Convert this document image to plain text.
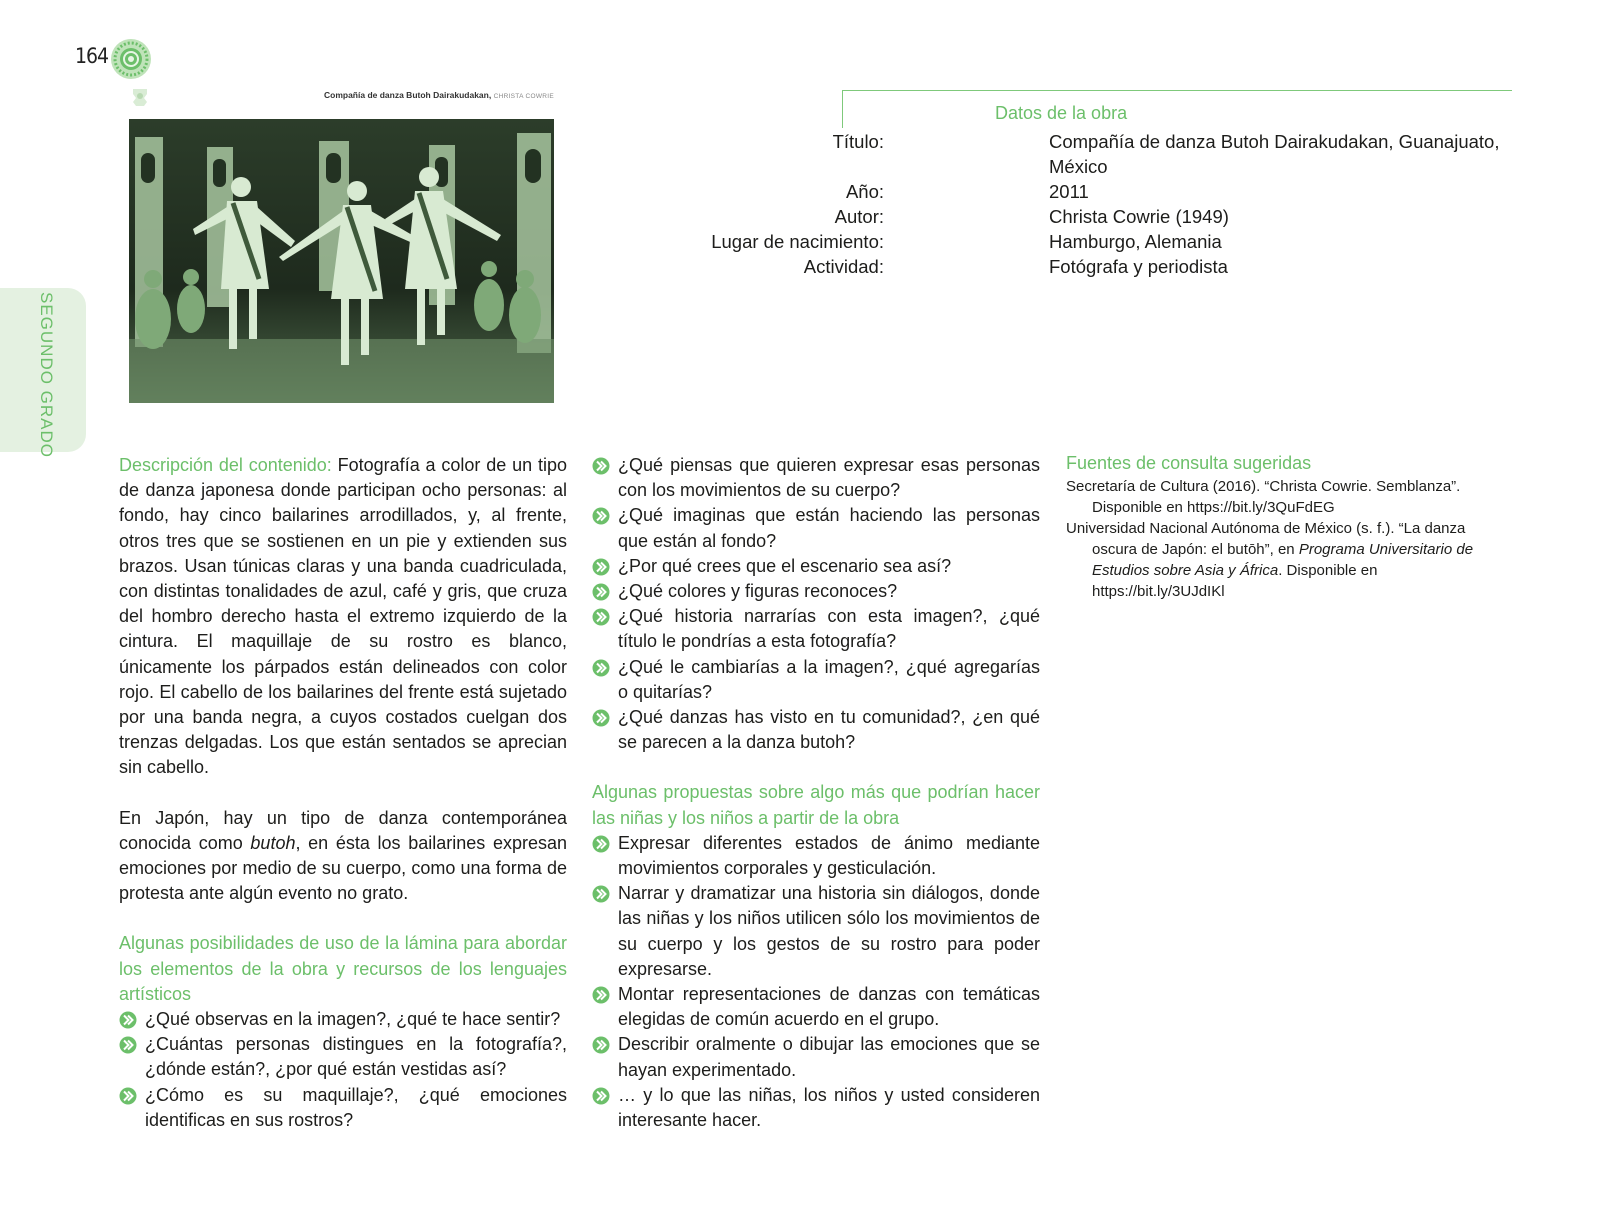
164
SEGUNDO GRADO
Compañía de danza Butoh Dairakudakan, CHRISTA COWRIE
Datos de la obra
Título:	Compañía de danza Butoh Dairakudakan, Guanajuato,
México
Año:	2011
Autor:	Christa Cowrie (1949)
Lugar de nacimiento:	Hamburgo, Alemania
Actividad:	Fotógrafa y periodista

Descripción del contenido: Fotografía a color de un tipo de danza japonesa donde participan ocho personas: al fondo, hay cinco bailarines arrodillados, y, al frente, otros tres que se sostienen en un pie y extienden sus brazos. Usan túnicas claras y una banda cuadriculada, con distintas tonalidades de azul, café y gris, que cruza del hombro derecho hasta el extremo izquierdo de la cintura. El maquillaje de su rostro es blanco, únicamente los párpados están delineados con color rojo. El cabello de los bailarines del frente está sujetado por una banda negra, a cuyos costados cuelgan dos trenzas delgadas. Los que están sentados se aprecian sin cabello.

En Japón, hay un tipo de danza contemporánea conocida como butoh, en ésta los bailarines expresan emociones por medio de su cuerpo, como una forma de protesta ante algún evento no grato.

Algunas posibilidades de uso de la lámina para abordar los elementos de la obra y recursos de los lenguajes artísticos

¿Qué observas en la imagen?, ¿qué te hace sentir?
¿Cuántas personas distingues en la fotografía?, ¿dónde están?, ¿por qué están vestidas así?
¿Cómo es su maquillaje?, ¿qué emociones identificas en sus rostros?
¿Qué piensas que quieren expresar esas personas con los movimientos de su cuerpo?
¿Qué imaginas que están haciendo las personas que están al fondo?
¿Por qué crees que el escenario sea así?
¿Qué colores y figuras reconoces?
¿Qué historia narrarías con esta imagen?, ¿qué título le pondrías a esta fotografía?
¿Qué le cambiarías a la imagen?, ¿qué agregarías o quitarías?
¿Qué danzas has visto en tu comunidad?, ¿en qué se parecen a la danza butoh?

Algunas propuestas sobre algo más que podrían hacer las niñas y los niños a partir de la obra

Expresar diferentes estados de ánimo mediante movimientos corporales y gesticulación.
Narrar y dramatizar una historia sin diálogos, donde las niñas y los niños utilicen sólo los movimientos de su cuerpo y los gestos de su rostro para poder expresarse.
Montar representaciones de danzas con temáticas elegidas de común acuerdo en el grupo.
Describir oralmente o dibujar las emociones que se hayan experimentado.
… y lo que las niñas, los niños y usted consideren interesante hacer.

Fuentes de consulta sugeridas

Secretaría de Cultura (2016). “Christa Cowrie. Semblanza”. Disponible en https://bit.ly/3QuFdEG

Universidad Nacional Autónoma de México (s. f.). “La danza oscura de Japón: el butōh”, en Programa Universitario de Estudios sobre Asia y África. Disponible en https://bit.ly/3UJdIKl
